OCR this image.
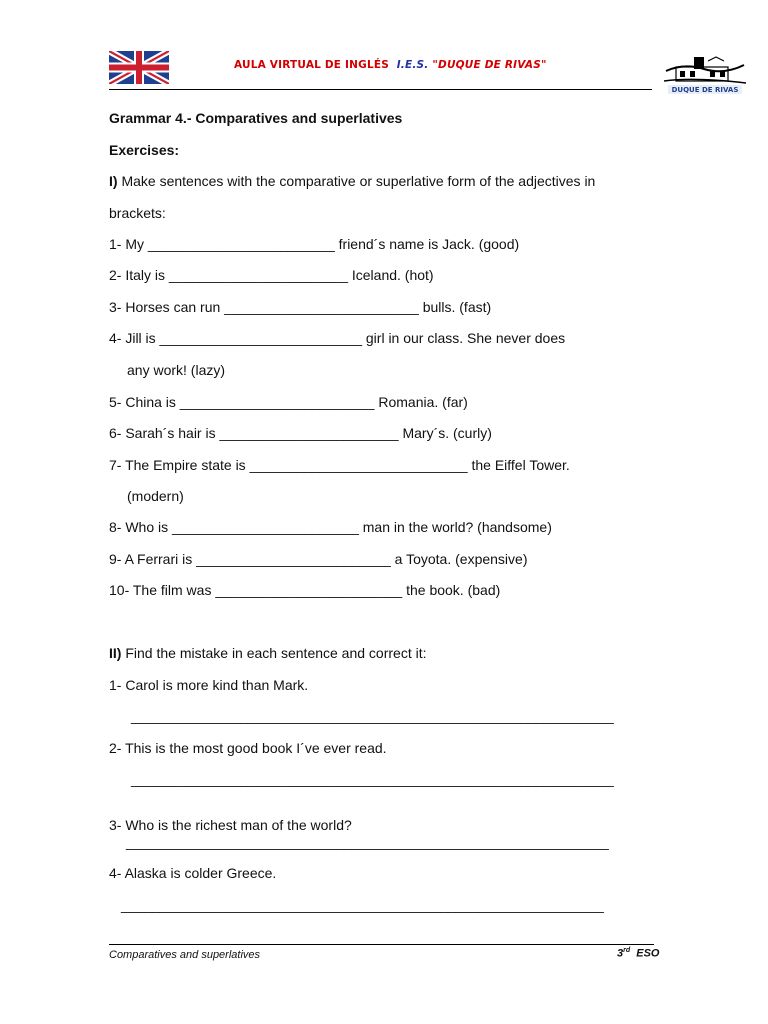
AULA VIRTUAL DE INGLÉS I.E.S. "DUQUE DE RIVAS"
DUQUE DE RIVAS
Grammar 4.- Comparatives and superlatives
Exercises:
I) Make sentences with the comparative or superlative form of the adjectives in
brackets:
1- My ________________________ friend´s name is Jack. (good)
2- Italy is _______________________ Iceland. (hot)
3- Horses can run _________________________ bulls. (fast)
4- Jill is __________________________ girl in our class. She never does
any work! (lazy)
5- China is _________________________ Romania. (far)
6- Sarah´s hair is _______________________ Mary´s. (curly)
7- The Empire state is ____________________________ the Eiffel Tower.
(modern)
8- Who is ________________________ man in the world? (handsome)
9- A Ferrari is _________________________ a Toyota. (expensive)
10- The film was ________________________ the book. (bad)
II) Find the mistake in each sentence and correct it:
1- Carol is more kind than Mark.
______________________________________________________________
2- This is the most good book I´ve ever read.
______________________________________________________________
3- Who is the richest man of the world?
______________________________________________________________
4- Alaska is colder Greece.
______________________________________________________________
Comparatives and superlatives	3rd ESO
